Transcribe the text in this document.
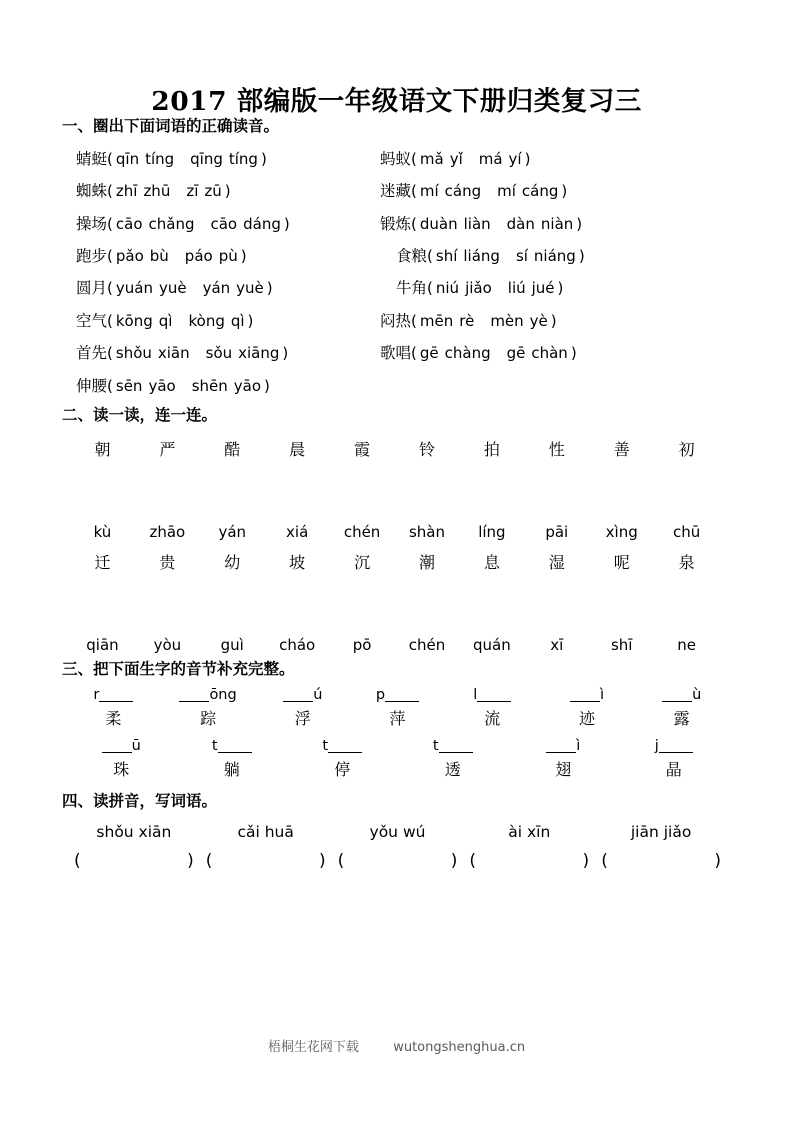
2017 部编版一年级语文下册归类复习三
一、圈出下面词语的正确读音。
蜻蜓 ( qīn tíng qīng tíng )	蚂蚁 ( mǎ yǐ má yí )
蜘蛛 ( zhī zhū zī zū )	迷藏 ( mí cáng mí cáng )
操场 ( cāo chǎng cāo dáng )	锻炼 ( duàn liàn dàn niàn )
跑步 ( pǎo bù páo pù )	食粮 ( shí liáng sí niáng )
圆月 ( yuán yuè yán yuè )	牛角 ( niú jiǎo liú jué )
空气 ( kōng qì kòng qì )	闷热 ( mēn rè mèn yè )
首先 ( shǒu xiān sǒu xiāng )	歌唱 ( gē chàng gē chàn )
伸腰 ( sēn yāo shēn yāo )
二、读一读，连一连。
朝	严	酷	晨	霞	铃	拍	性	善	初
kù	zhāo	yán	xiá	chén	shàn	líng	pāi	xìng	chū
迁	贵	幼	坡	沉	潮	息	湿	呢	泉
qiān	yòu	guì	cháo	pō	chén	quán	xī	shī	ne
三、把下面生字的音节补充完整。
r	ōng	ú	p	l	ì	ù
柔	踪	浮	萍	流	迹	露
ū	t	t	t	ì	j
珠	躺	停	透	翅	晶
四、读拼音，写词语。
shǒu xiān	cǎi huā	yǒu wú	ài xīn	jiān jiǎo
(	) (	) (	) (	) (	)
梧桐生花网下载	wutongshenghua.cn
